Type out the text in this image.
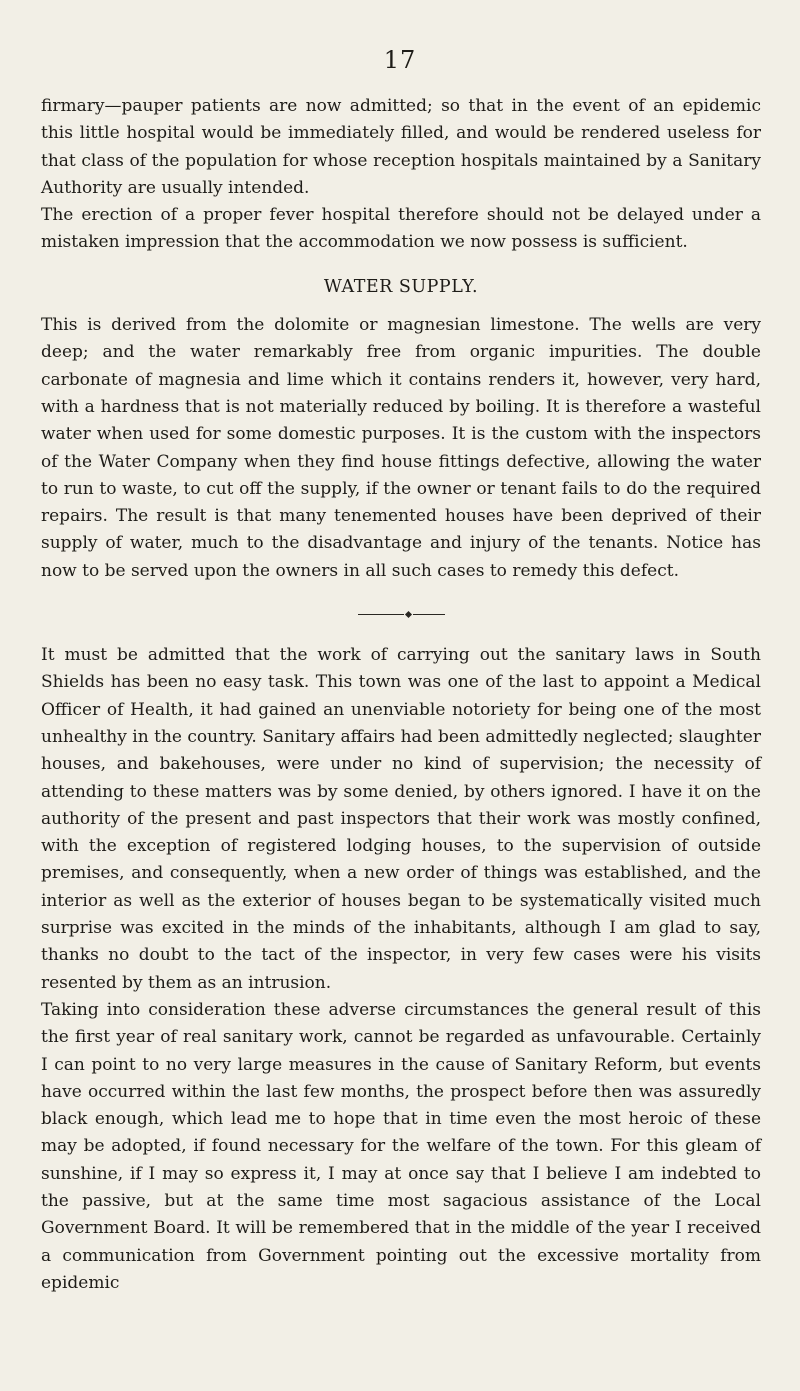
17

firmary—pauper patients are now admitted; so that in the event of an epidemic this little hospital would be immediately filled, and would be rendered useless for that class of the population for whose reception hospitals maintained by a Sanitary Authority are usually intended.

The erection of a proper fever hospital therefore should not be delayed under a mistaken impression that the accommodation we now possess is sufficient.

WATER SUPPLY.

This is derived from the dolomite or magnesian limestone. The wells are very deep; and the water remarkably free from organic impurities. The double carbonate of magnesia and lime which it contains renders it, however, very hard, with a hardness that is not materially reduced by boiling. It is therefore a wasteful water when used for some domestic purposes. It is the custom with the inspectors of the Water Company when they find house fittings defective, allowing the water to run to waste, to cut off the supply, if the owner or tenant fails to do the required repairs. The result is that many tenemented houses have been deprived of their supply of water, much to the disadvantage and injury of the tenants. Notice has now to be served upon the owners in all such cases to remedy this defect.

It must be admitted that the work of carrying out the sanitary laws in South Shields has been no easy task. This town was one of the last to appoint a Medical Officer of Health, it had gained an unenviable notoriety for being one of the most unhealthy in the country. Sanitary affairs had been admittedly neglected; slaughter houses, and bakehouses, were under no kind of supervision; the necessity of attending to these matters was by some denied, by others ignored. I have it on the authority of the present and past inspectors that their work was mostly confined, with the exception of registered lodging houses, to the supervision of outside premises, and consequently, when a new order of things was established, and the interior as well as the exterior of houses began to be systematically visited much surprise was excited in the minds of the inhabitants, although I am glad to say, thanks no doubt to the tact of the inspector, in very few cases were his visits resented by them as an intrusion.

Taking into consideration these adverse circumstances the general result of this the first year of real sanitary work, cannot be regarded as unfavourable. Certainly I can point to no very large measures in the cause of Sanitary Reform, but events have occurred within the last few months, the prospect before then was assuredly black enough, which lead me to hope that in time even the most heroic of these may be adopted, if found necessary for the welfare of the town. For this gleam of sunshine, if I may so express it, I may at once say that I believe I am indebted to the passive, but at the same time most sagacious assistance of the Local Government Board. It will be remembered that in the middle of the year I received a communication from Government pointing out the excessive mortality from epidemic
